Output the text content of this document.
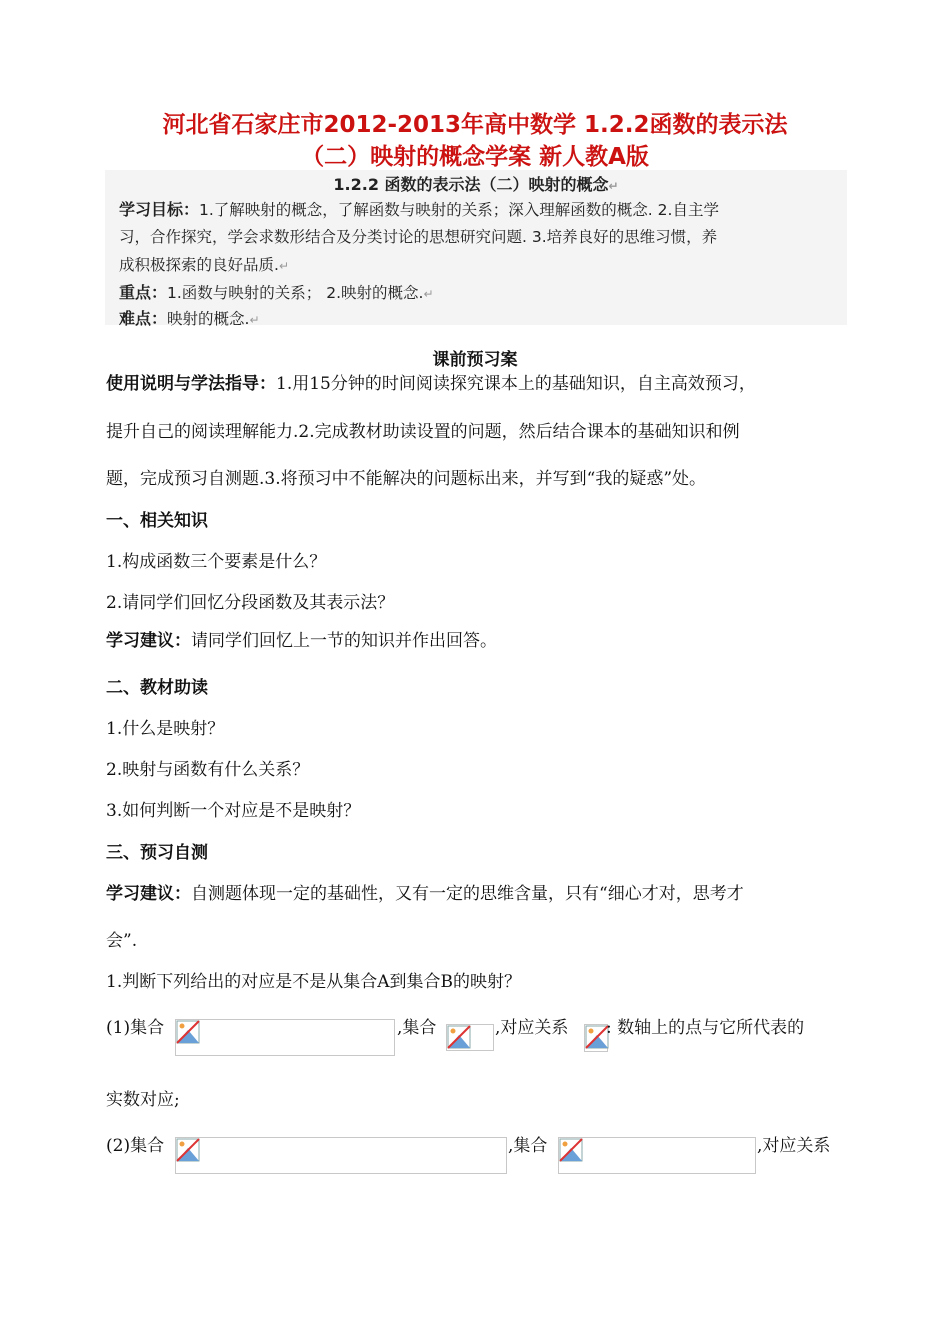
河北省石家庄市2012-2013年高中数学 1.2.2函数的表示法
（二）映射的概念学案 新人教A版
1.2.2 函数的表示法（二）映射的概念↵
学习目标：1.了解映射的概念，了解函数与映射的关系；深入理解函数的概念. 2.自主学
习，合作探究，学会求数形结合及分类讨论的思想研究问题. 3.培养良好的思维习惯，养
成积极探索的良好品质.↵
重点：1.函数与映射的关系； 2.映射的概念.↵
难点：映射的概念.↵
课前预习案
使用说明与学法指导：1.用15分钟的时间阅读探究课本上的基础知识，自主高效预习，
提升自己的阅读理解能力.2.完成教材助读设置的问题，然后结合课本的基础知识和例
题，完成预习自测题.3.将预习中不能解决的问题标出来，并写到“我的疑惑”处。
一、相关知识
1.构成函数三个要素是什么？
2.请同学们回忆分段函数及其表示法？
学习建议：请同学们回忆上一节的知识并作出回答。
二、教材助读
1.什么是映射？
2.映射与函数有什么关系？
3.如何判断一个对应是不是映射？
三、预习自测
学习建议：自测题体现一定的基础性，又有一定的思维含量，只有“细心才对，思考才
会”.
1.判断下列给出的对应是不是从集合A到集合B的映射？
(1)集合	,集合	,对应关系 : 数轴上的点与它所代表的
实数对应;
(2)集合	,集合	,对应关系
